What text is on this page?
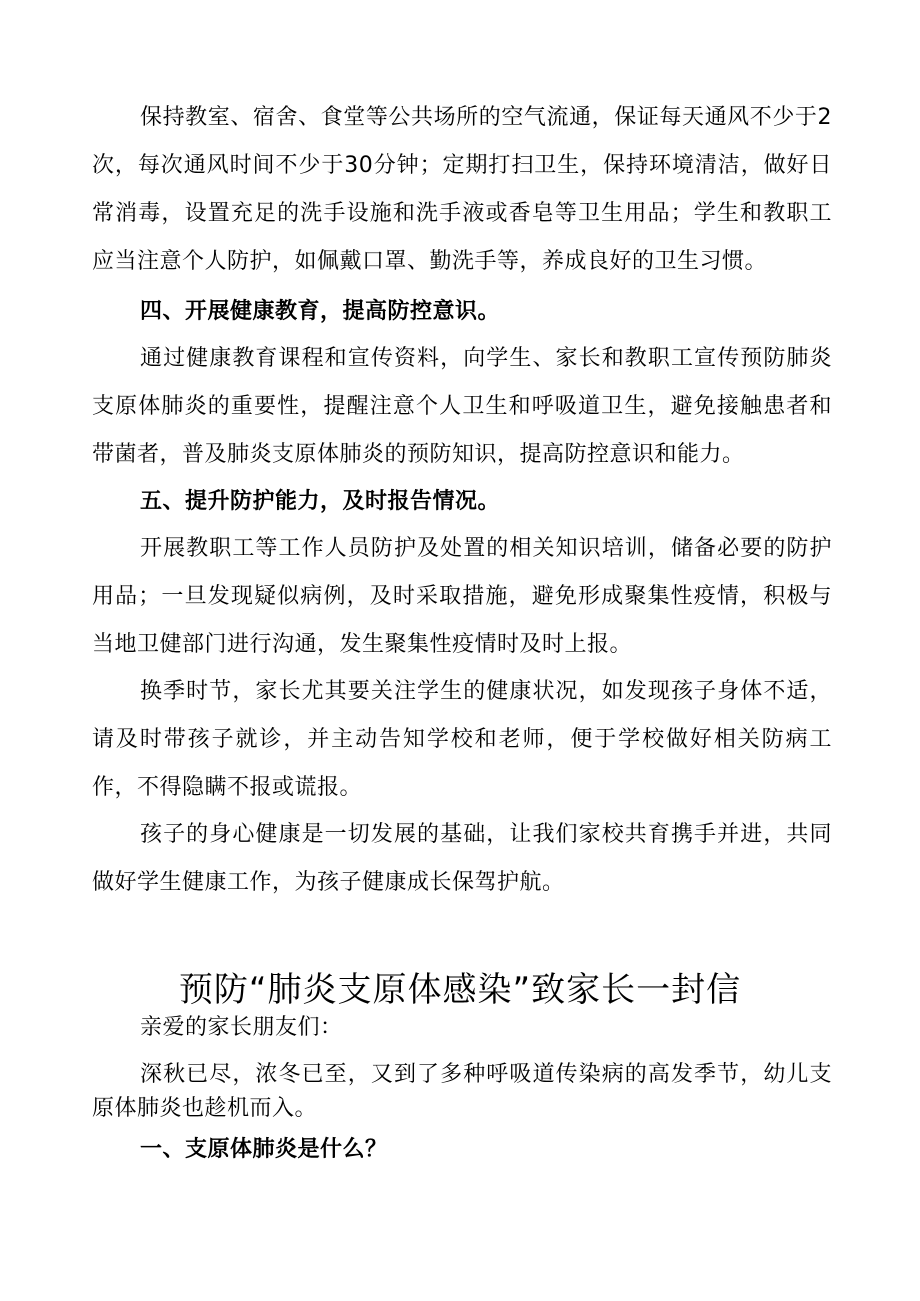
保持教室、宿舍、食堂等公共场所的空气流通，保证每天通风不少于2次，每次通风时间不少于30分钟；定期打扫卫生，保持环境清洁，做好日常消毒，设置充足的洗手设施和洗手液或香皂等卫生用品；学生和教职工应当注意个人防护，如佩戴口罩、勤洗手等，养成良好的卫生习惯。

四、开展健康教育，提高防控意识。

通过健康教育课程和宣传资料，向学生、家长和教职工宣传预防肺炎支原体肺炎的重要性，提醒注意个人卫生和呼吸道卫生，避免接触患者和带菌者，普及肺炎支原体肺炎的预防知识，提高防控意识和能力。

五、提升防护能力，及时报告情况。

开展教职工等工作人员防护及处置的相关知识培训，储备必要的防护用品；一旦发现疑似病例，及时采取措施，避免形成聚集性疫情，积极与当地卫健部门进行沟通，发生聚集性疫情时及时上报。

换季时节，家长尤其要关注学生的健康状况，如发现孩子身体不适，请及时带孩子就诊，并主动告知学校和老师，便于学校做好相关防病工作，不得隐瞒不报或谎报。

孩子的身心健康是一切发展的基础，让我们家校共育携手并进，共同做好学生健康工作，为孩子健康成长保驾护航。

预防“肺炎支原体感染”致家长一封信

亲爱的家长朋友们：

深秋已尽，浓冬已至，又到了多种呼吸道传染病的高发季节，幼儿支原体肺炎也趁机而入。

一、支原体肺炎是什么？
